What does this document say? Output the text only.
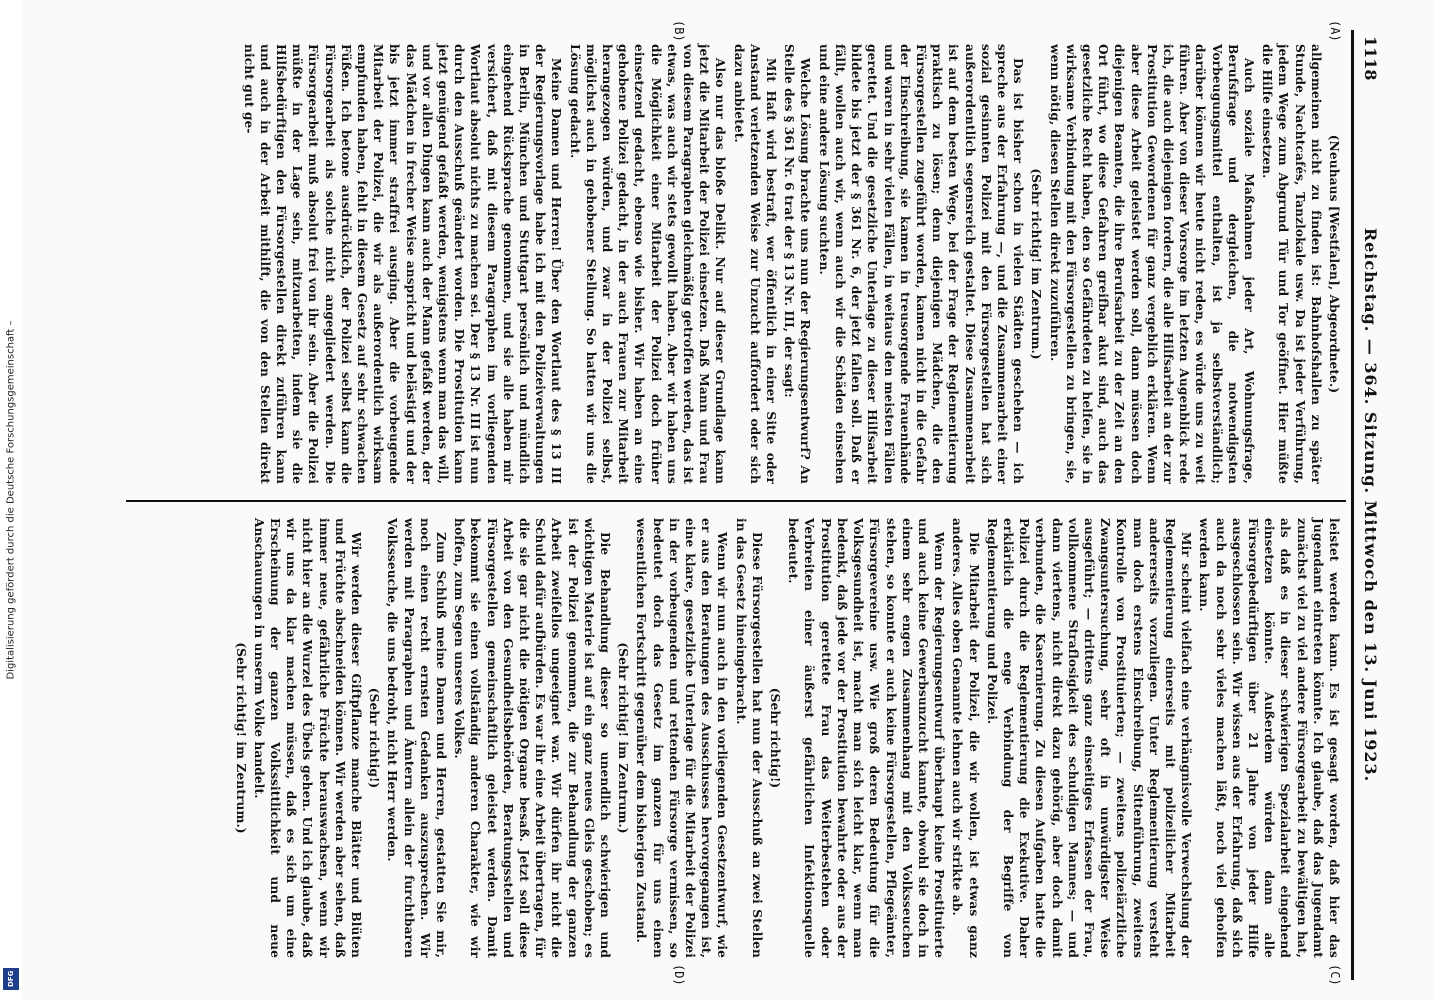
Digitalisierung gefördert durch die Deutsche Forschungsgemeinschaft –
DFG
1118
Reichstag. — 364. Sitzung. Mittwoch den 13. Juni 1923.
(A)
(B)
(C)
(D)

(Neuhaus [Westfalen], Abgeordnete.)

allgemeinen nicht zu finden ist: Bahnhofshallen zu später Stunde, Nachtcafés, Tanzlokale usw. Da ist jeder Verführung, jedem Wege zum Abgrund Tür und Tor geöffnet. Hier müßte die Hilfe einsetzen.

Auch soziale Maßnahmen jeder Art, Wohnungsfrage, Berufsfrage und dergleichen, die notwendigsten Vorbeugungsmittel enthalten, ist ja selbstverständlich; darüber können wir heute nicht reden, es würde uns zu weit führen. Aber von dieser Vorsorge im letzten Augenblick rede ich, die auch diejenigen fordern, die alle Hilfsarbeit an der zur Prostitution Gewordenen für ganz vergeblich erklären. Wenn aber diese Arbeit geleistet werden soll, dann müssen doch diejenigen Beamten, die ihre Berufsarbeit zu der Zeit an den Ort führt, wo diese Gefahren greifbar akut sind, auch das gesetzliche Recht haben, den so Gefährdeten zu helfen, sie in wirksame Verbindung mit den Fürsorgestellen zu bringen, sie, wenn nötig, diesen Stellen direkt zuzuführen.

(Sehr richtig! im Zentrum.)

Das ist bisher schon in vielen Städten geschehen — ich spreche aus der Erfahrung —, und die Zusammenarbeit einer sozial gesinnten Polizei mit den Fürsorgestellen hat sich außerordentlich segensreich gestaltet. Diese Zusammenarbeit ist auf dem besten Wege, bei der Frage der Reglementierung praktisch zu lösen; denn diejenigen Mädchen, die den Fürsorgestellen zugeführt worden, kamen nicht in die Gefahr der Einschreibung, sie kamen in treusorgende Frauenhände und waren in sehr vielen Fällen, in weitaus den meisten Fällen gerettet. Und die gesetzliche Unterlage zu dieser Hilfsarbeit bildete bis jetzt der § 361 Nr. 6, der jetzt fallen soll. Daß er fällt, wollen auch wir, wenn auch wir die Schäden einsehen und eine andere Lösung suchten.

Welche Lösung brachte uns nun der Regierungsentwurf? An Stelle des § 361 Nr. 6 trat der § 13 Nr. III, der sagt:

Mit Haft wird bestraft, wer öffentlich in einer Sitte oder Anstand verletzenden Weise zur Unzucht auffordert oder sich dazu anbietet.

Also nur das bloße Delikt. Nur auf dieser Grundlage kann jetzt die Mitarbeit der Polizei einsetzen. Daß Mann und Frau von diesem Paragraphen gleichmäßig getroffen werden, das ist etwas, was auch wir stets gewollt haben. Aber wir haben uns die Möglichkeit einer Mitarbeit der Polizei doch früher einsetzend gedacht, ebenso wie bisher. Wir haben an eine gehobene Polizei gedacht, in der auch Frauen zur Mitarbeit herangezogen würden, und zwar in der Polizei selbst, möglichst auch in gehobener Stellung. So hatten wir uns die Lösung gedacht.

Meine Damen und Herren! Über den Wortlaut des § 13 III der Regierungsvorlage habe ich mit den Polizeiverwaltungen in Berlin, München und Stuttgart persönlich und mündlich eingehend Rücksprache genommen, und sie alle haben mir versichert, daß mit diesem Paragraphen im vorliegenden Wortlaut absolut nichts zu machen sei. Der § 13 Nr. III ist nun durch den Ausschuß geändert worden. Die Prostitution kann jetzt genügend gefaßt werden, wenigstens wenn man das will, und vor allen Dingen kann auch der Mann gefaßt werden, der das Mädchen in frecher Weise anspricht und belästigt und der bis jetzt immer straffrei ausging. Aber die vorbeugende Mitarbeit der Polizei, die wir als außerordentlich wirksam empfunden haben, fehlt in diesem Gesetz auf sehr schwachen Füßen. Ich betone ausdrücklich, der Polizei selbst kann die Fürsorgearbeit als solche nicht angegliedert werden. Die Fürsorgearbeit muß absolut frei von ihr sein. Aber die Polizei müßte in der Lage sein, mitzuarbeiten, indem sie die Hilfsbedürftigen den Fürsorgestellen direkt zuführen kann und auch in der Arbeit mithilft, die von den Stellen direkt nicht gut ge-

leistet werden kann. Es ist gesagt worden, daß hier das Jugendamt eintreten könnte. Ich glaube, daß das Jugendamt zunächst viel zu viel andere Fürsorgearbeit zu bewältigen hat, als daß es in dieser schwierigen Spezialarbeit eingehend einsetzen könnte. Außerdem würden dann alle Fürsorgebedürftigen über 21 Jahre von jeder Hilfe ausgeschlossen sein. Wir wissen aus der Erfahrung, daß sich auch da noch sehr vieles machen läßt, noch viel geholfen werden kann.

Mir scheint vielfach eine verhängnisvolle Verwechslung der Reglementierung einerseits mit polizeilicher Mitarbeit andererseits vorzuliegen. Unter Reglementierung versteht man doch erstens Einschreibung, Sittenführung, zweitens Kontrolle von Prostituierten; — zweitens polizeiärztliche Zwangsuntersuchung, sehr oft in unwürdigster Weise ausgeführt; — drittens ganz einseitiges Erfassen der Frau, vollkommene Straflosigkeit des schuldigen Mannes; — und dann viertens, nicht direkt dazu gehörig, aber doch damit verbunden, die Kasernierung. Zu diesen Aufgaben hatte die Polizei durch die Reglementierung die Exekutive. Daher erklärlich die enge Verbindung der Begriffe von Reglementierung und Polizei.

Die Mitarbeit der Polizei, die wir wollen, ist etwas ganz anderes. Alles oben Genannte lehnen auch wir strikte ab.

Wenn der Regierungsentwurf überhaupt keine Prostituierte und auch keine Gewerbsunzucht kannte, obwohl sie doch in einem sehr engen Zusammenhang mit den Volksseuchen stehen, so konnte er auch keine Fürsorgestellen, Pflegeämter, Fürsorgevereine usw. Wie groß deren Bedeutung für die Volksgesundheit ist, macht man sich leicht klar, wenn man bedenkt, daß jede vor der Prostitution bewahrte oder aus der Prostitution gerettete Frau das Weiterbestehen oder Verbreiten einer äußerst gefährlichen Infektionsquelle bedeutet.

(Sehr richtig!)

Diese Fürsorgestellen hat nun der Ausschuß an zwei Stellen in das Gesetz hineingebracht.

Wenn wir nun auch in den vorliegenden Gesetzentwurf, wie er aus den Beratungen des Ausschusses hervorgegangen ist, eine klare, gesetzliche Unterlage für die Mitarbeit der Polizei in der vorbeugenden und rettenden Fürsorge vermissen, so bedeutet doch das Gesetz im ganzen für uns einen wesentlichen Fortschritt gegenüber dem bisherigen Zustand.

(Sehr richtig! im Zentrum.)

Die Behandlung dieser so unendlich schwierigen und wichtigen Materie ist auf ein ganz neues Gleis geschoben; es ist der Polizei genommen, die zur Behandlung der ganzen Arbeit zweifellos ungeeignet war. Wir dürfen ihr nicht die Schuld dafür aufbürden. Es war ihr eine Arbeit übertragen, für die sie gar nicht die nötigen Organe besaß. Jetzt soll diese Arbeit von den Gesundheitsbehörden, Beratungsstellen und Fürsorgestellen gemeinschaftlich geleistet werden. Damit bekommt sie einen vollständig anderen Charakter, wie wir hoffen, zum Segen unseres Volkes.

Zum Schluß meine Damen und Herren, gestatten Sie mir, noch einen recht ernsten Gedanken auszusprechen. Wir werden mit Paragraphen und Ämtern allein der furchtbaren Volksseuche, die uns bedroht, nicht Herr werden.

(Sehr richtig!)

Wir werden dieser Giftpflanze manche Blätter und Blüten und Früchte abschneiden können. Wir werden aber sehen, daß immer neue, gefährliche Früchte herauswachsen, wenn wir nicht hier an die Wurzel des Übels gehen. Und ich glaube, daß wir uns da klar machen müssen, daß es sich um eine Erscheinung der ganzen Volkssittlichkeit und neue Anschauungen in unserm Volke handelt.

(Sehr richtig! im Zentrum.)
